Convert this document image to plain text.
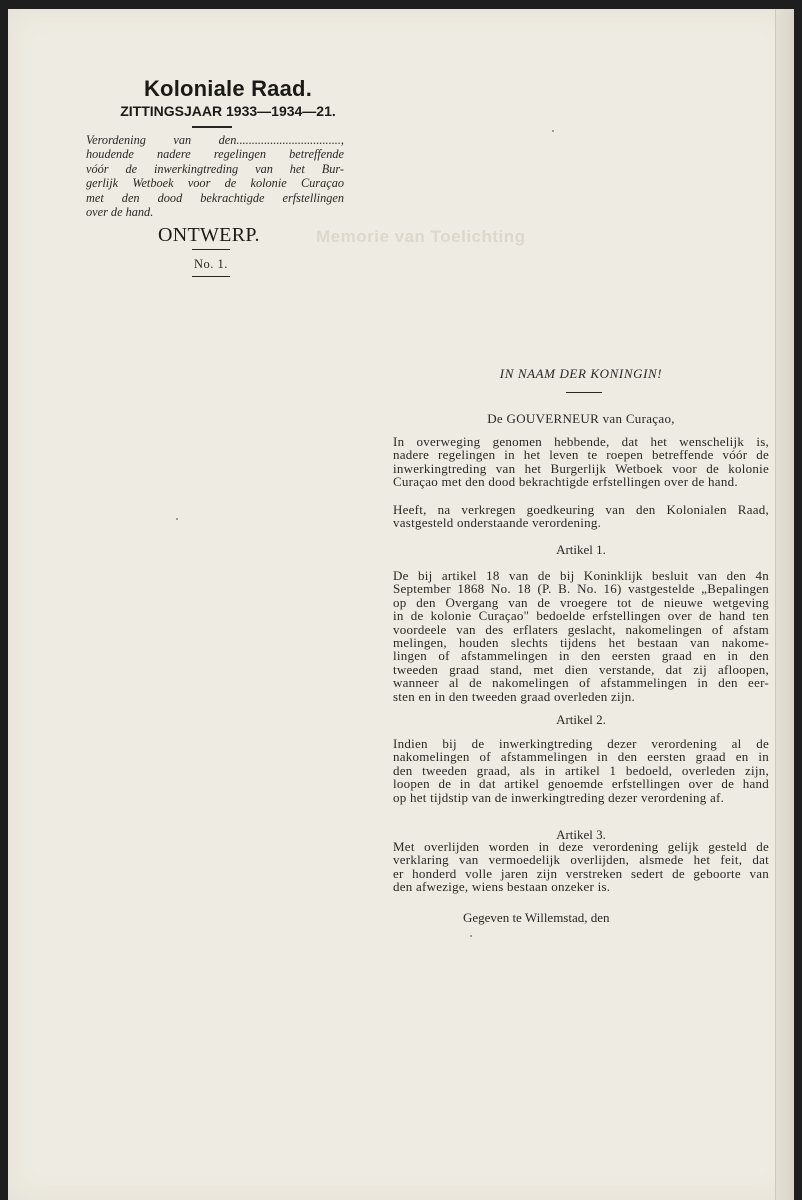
Memorie van Toelichting
Koloniale Raad.
ZITTINGSJAAR 1933—1934—21.
Verordening van den..................................,
houdende nadere regelingen betreffende
vóór de inwerkingtreding van het Bur-
gerlijk Wetboek voor de kolonie Curaçao
met den dood bekrachtigde erfstellingen
over de hand.
ONTWERP.
No. 1.
IN NAAM DER KONINGIN!
De GOUVERNEUR van Curaçao,
In overweging genomen hebbende, dat het wenschelijk is,
nadere regelingen in het leven te roepen betreffende vóór de
inwerkingtreding van het Burgerlijk Wetboek voor de kolonie
Curaçao met den dood bekrachtigde erfstellingen over de hand.
Heeft, na verkregen goedkeuring van den Kolonialen Raad,
vastgesteld onderstaande verordening.
Artikel 1.
De bij artikel 18 van de bij Koninklijk besluit van den 4n
September 1868 No. 18 (P. B. No. 16) vastgestelde „Bepalingen
op den Overgang van de vroegere tot de nieuwe wetgeving
in de kolonie Curaçao" bedoelde erfstellingen over de hand ten
voordeele van des erflaters geslacht, nakomelingen of afstam
melingen, houden slechts tijdens het bestaan van nakome-
lingen of afstammelingen in den eersten graad en in den
tweeden graad stand, met dien verstande, dat zij afloopen,
wanneer al de nakomelingen of afstammelingen in den eer-
sten en in den tweeden graad overleden zijn.
Artikel 2.
Indien bij de inwerkingtreding dezer verordening al de
nakomelingen of afstammelingen in den eersten graad en in
den tweeden graad, als in artikel 1 bedoeld, overleden zijn,
loopen de in dat artikel genoemde erfstellingen over de hand
op het tijdstip van de inwerkingtreding dezer verordening af.
Artikel 3.
Met overlijden worden in deze verordening gelijk gesteld de
verklaring van vermoedelijk overlijden, alsmede het feit, dat
er honderd volle jaren zijn verstreken sedert de geboorte van
den afwezige, wiens bestaan onzeker is.
Gegeven te Willemstad, den
